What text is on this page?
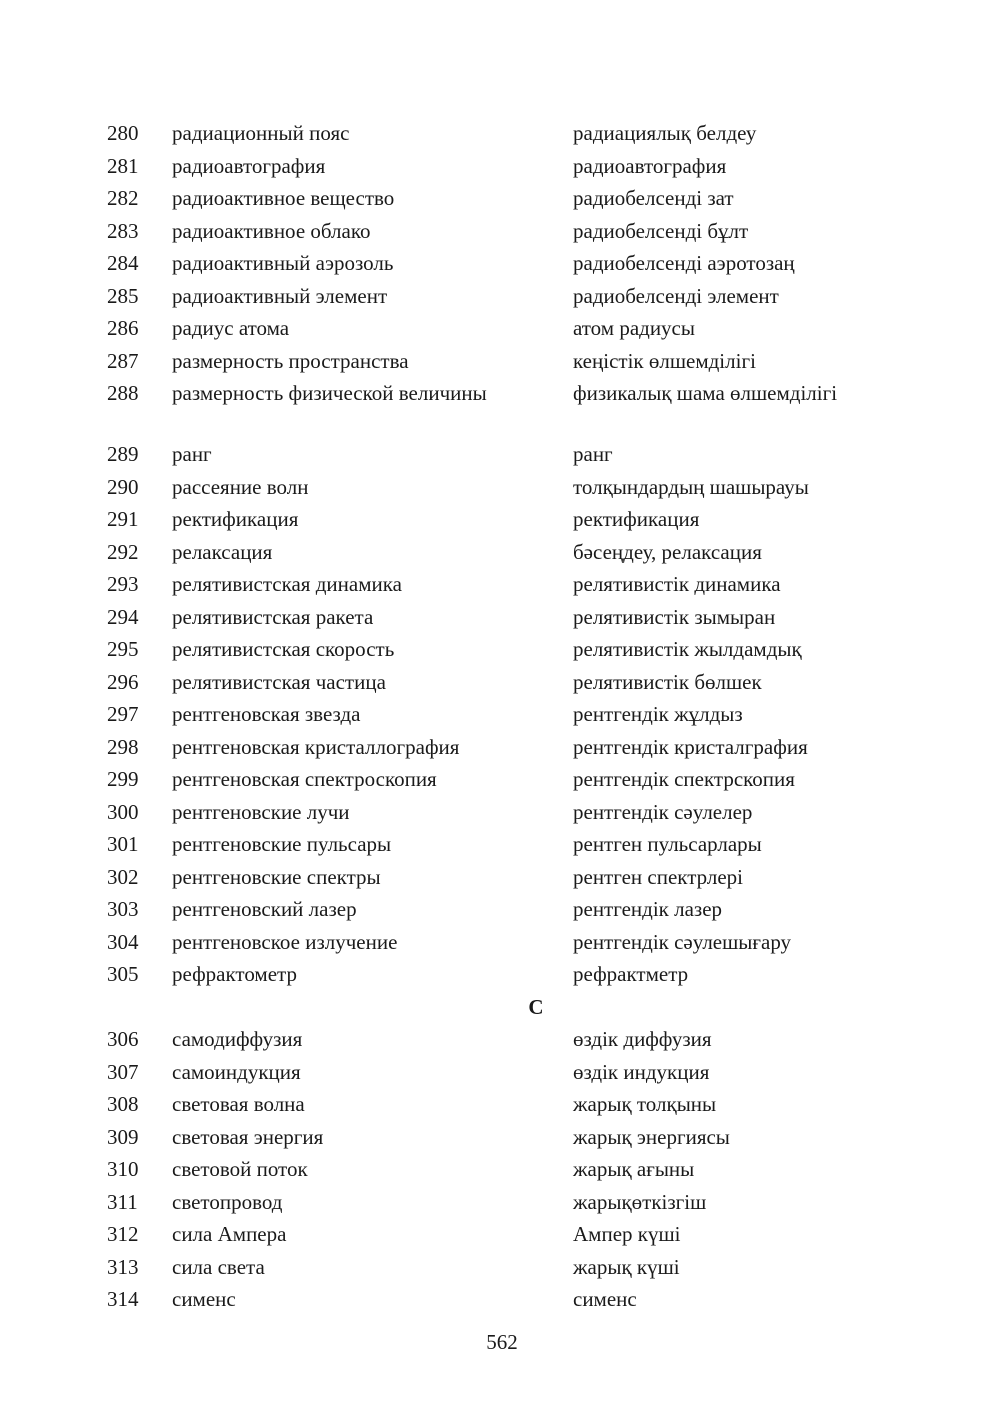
280 радиационный пояс	радиациялық белдеу
281 радиоавтография	радиоавтография
282 радиоактивное вещество	радиобелсенді зат
283 радиоактивное облако	радиобелсенді бұлт
284 радиоактивный аэрозоль	радиобелсенді аэротозаң
285 радиоактивный элемент	радиобелсенді элемент
286 радиус атома	атом радиусы
287 размерность пространства	кеңістік өлшемділігі
288 размерность физической величины	физикалық шама өлшемділігі
289 ранг	ранг
290 рассеяние волн	толқындардың шашырауы
291 ректификация	ректификация
292 релаксация	бәсеңдеу, релаксация
293 релятивистская динамика	релятивистік динамика
294 релятивистская ракета	релятивистік зымыран
295 релятивистская скорость	релятивистік жылдамдық
296 релятивистская частица	релятивистік бөлшек
297 рентгеновская звезда	рентгендік жұлдыз
298 рентгеновская кристаллография	рентгендік кристалграфия
299 рентгеновская спектроскопия	рентгендік спектрскопия
300 рентгеновские лучи	рентгендік сәулелер
301 рентгеновские пульсары	рентген пульсарлары
302 рентгеновские спектры	рентген спектрлері
303 рентгеновский лазер	рентгендік лазер
304 рентгеновское излучение	рентгендік сәулешығару
305 рефрактометр	рефрактметр
С
306 самодиффузия	өздік диффузия
307 самоиндукция	өздік индукция
308 световая волна	жарық толқыны
309 световая энергия	жарық энергиясы
310 световой поток	жарық ағыны
311 светопровод	жарықөткізгіш
312 сила Ампера	Ампер күші
313 сила света	жарық күші
314 сименс	сименс
562
